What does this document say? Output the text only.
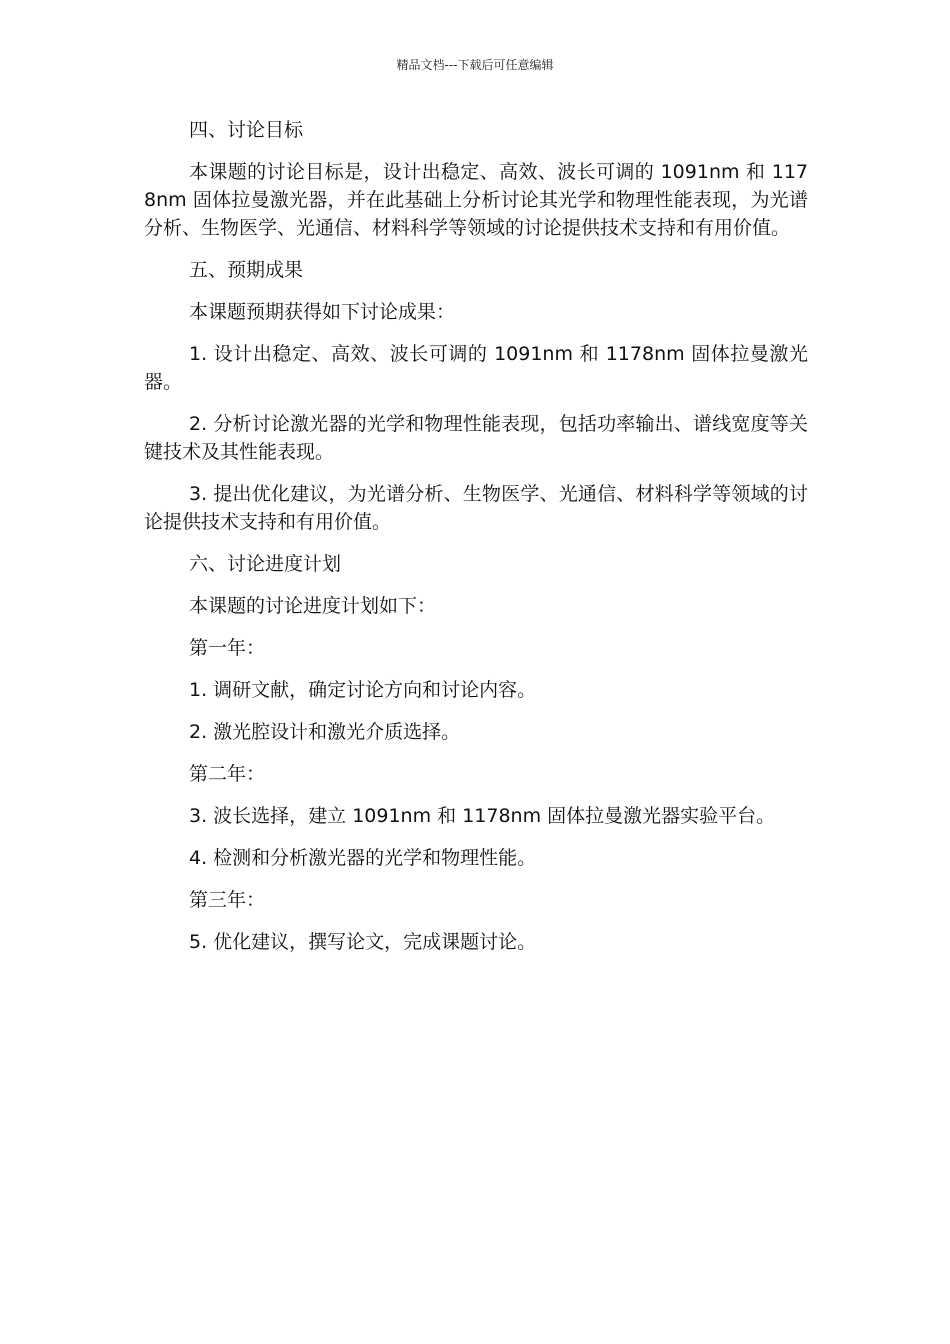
精品文档---下载后可任意编辑

四、讨论目标

本课题的讨论目标是，设计出稳定、高效、波长可调的 1091nm 和 1178nm 固体拉曼激光器，并在此基础上分析讨论其光学和物理性能表现，为光谱分析、生物医学、光通信、材料科学等领域的讨论提供技术支持和有用价值。

五、预期成果

本课题预期获得如下讨论成果：

1. 设计出稳定、高效、波长可调的 1091nm 和 1178nm 固体拉曼激光器。

2. 分析讨论激光器的光学和物理性能表现，包括功率输出、谱线宽度等关键技术及其性能表现。

3. 提出优化建议，为光谱分析、生物医学、光通信、材料科学等领域的讨论提供技术支持和有用价值。

六、讨论进度计划

本课题的讨论进度计划如下：

第一年：

1. 调研文献，确定讨论方向和讨论内容。

2. 激光腔设计和激光介质选择。

第二年：

3. 波长选择，建立 1091nm 和 1178nm 固体拉曼激光器实验平台。

4. 检测和分析激光器的光学和物理性能。

第三年：

5. 优化建议，撰写论文，完成课题讨论。
